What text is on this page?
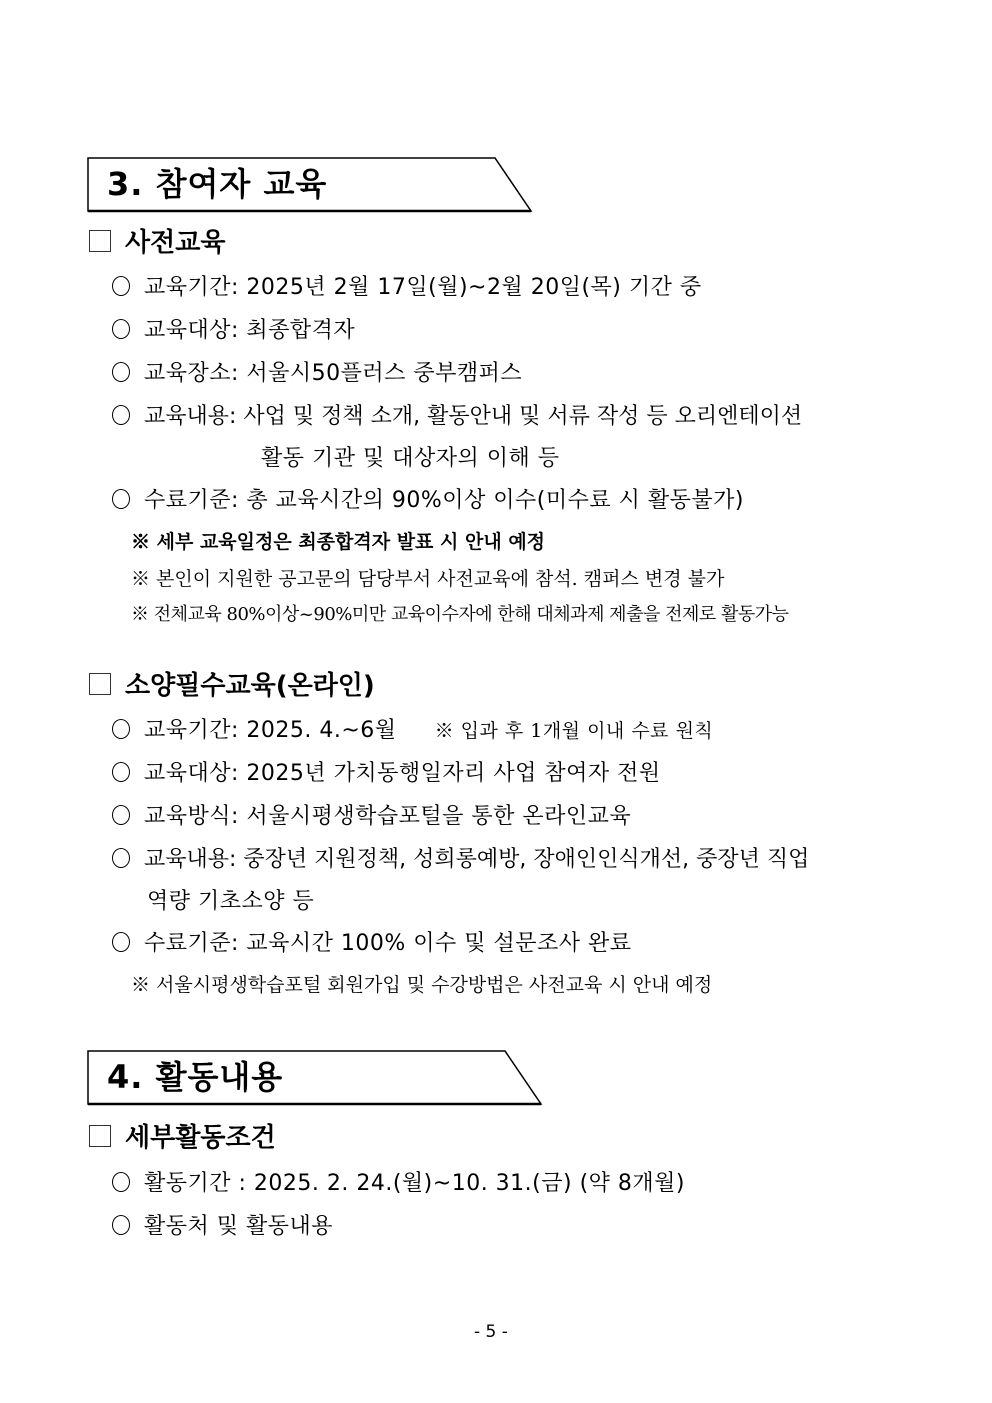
3. 참여자 교육
사전교육
교육기간: 2025년 2월 17일(월)~2월 20일(목) 기간 중
교육대상: 최종합격자
교육장소: 서울시50플러스 중부캠퍼스
교육내용: 사업 및 정책 소개, 활동안내 및 서류 작성 등 오리엔테이션
활동 기관 및 대상자의 이해 등
수료기준: 총 교육시간의 90%이상 이수(미수료 시 활동불가)
※ 세부 교육일정은 최종합격자 발표 시 안내 예정
※ 본인이 지원한 공고문의 담당부서 사전교육에 참석. 캠퍼스 변경 불가
※ 전체교육 80%이상~90%미만 교육이수자에 한해 대체과제 제출을 전제로 활동가능
소양필수교육(온라인)
교육기간: 2025. 4.~6월 ※ 입과 후 1개월 이내 수료 원칙
교육대상: 2025년 가치동행일자리 사업 참여자 전원
교육방식: 서울시평생학습포털을 통한 온라인교육
교육내용: 중장년 지원정책, 성희롱예방, 장애인인식개선, 중장년 직업
역량 기초소양 등
수료기준: 교육시간 100% 이수 및 설문조사 완료
※ 서울시평생학습포털 회원가입 및 수강방법은 사전교육 시 안내 예정
4. 활동내용
세부활동조건
활동기간 : 2025. 2. 24.(월)~10. 31.(금) (약 8개월)
활동처 및 활동내용
- 5 -
